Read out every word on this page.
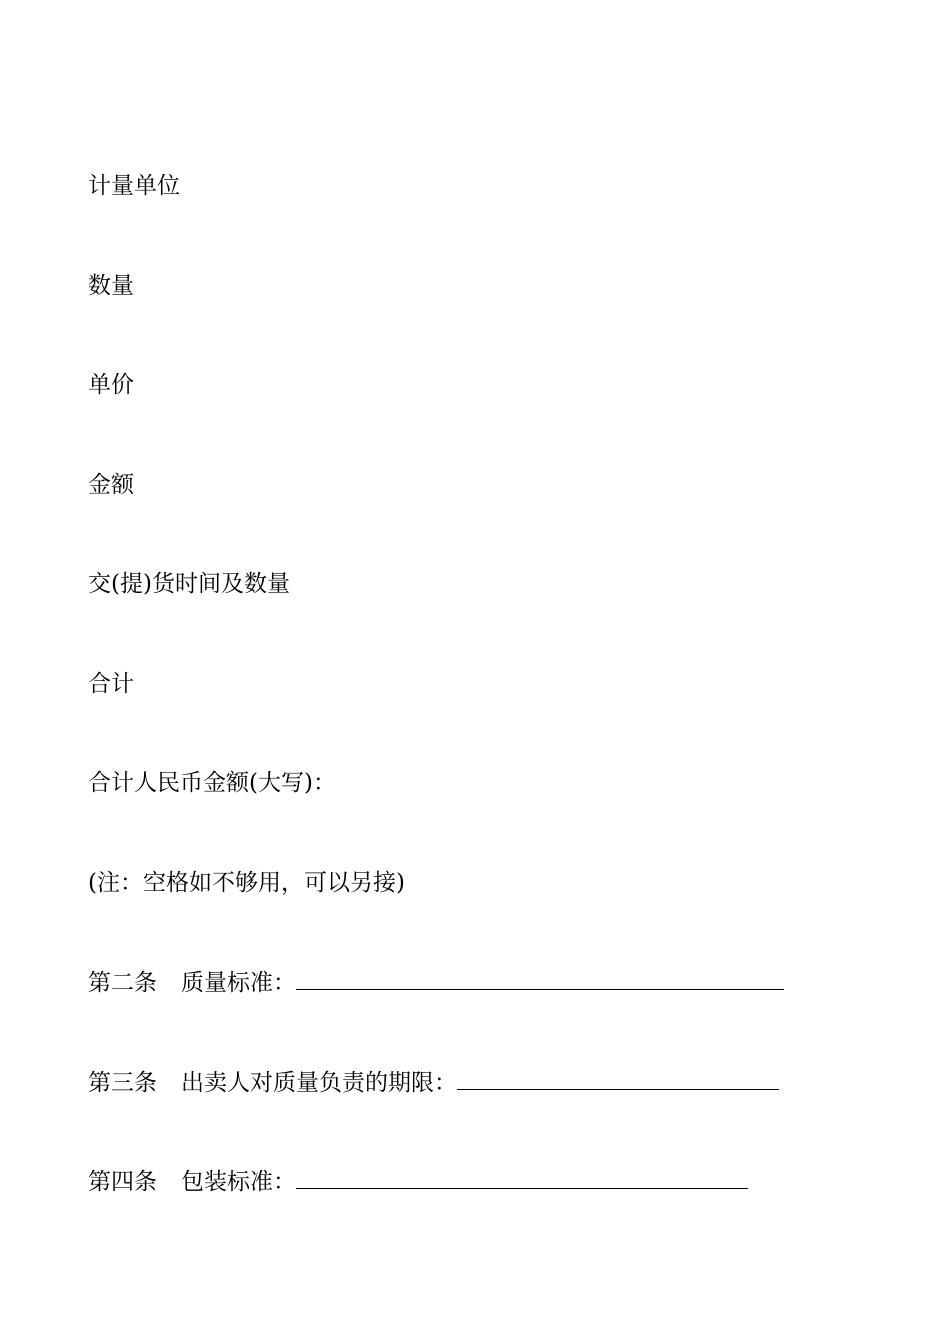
计量单位
数量
单价
金额
交(提)货时间及数量
合计
合计人民币金额(大写)：
(注：空格如不够用，可以另接)
第二条 质量标准：
第三条 出卖人对质量负责的期限：
第四条 包装标准：
